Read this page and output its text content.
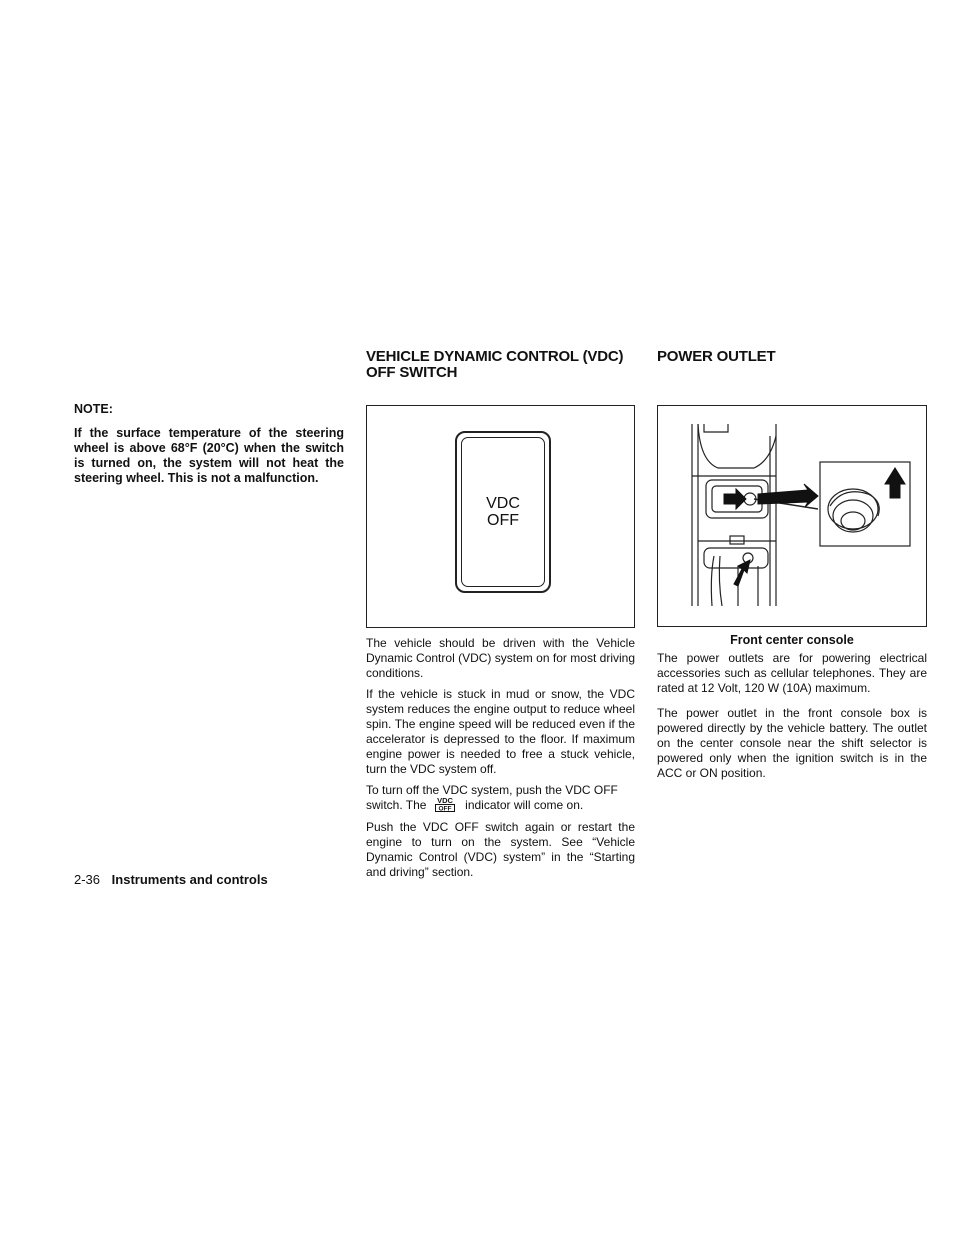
NOTE:

If the surface temperature of the steering wheel is above 68°F (20°C) when the switch is turned on, the system will not heat the steering wheel. This is not a malfunction.

VEHICLE DYNAMIC CONTROL (VDC)
OFF SWITCH
VDC
OFF

The vehicle should be driven with the Vehicle Dynamic Control (VDC) system on for most driving conditions.

If the vehicle is stuck in mud or snow, the VDC system reduces the engine output to reduce wheel spin. The engine speed will be reduced even if the accelerator is depressed to the floor. If maximum engine power is needed to free a stuck vehicle, turn the VDC system off.

To turn off the VDC system, push the VDC OFF
switch. The VDC
OFF indicator will come on.

Push the VDC OFF switch again or restart the engine to turn on the system. See “Vehicle Dynamic Control (VDC) system” in the “Starting and driving” section.

POWER OUTLET

Front center console

The power outlets are for powering electrical accessories such as cellular telephones. They are rated at 12 Volt, 120 W (10A) maximum.

The power outlet in the front console box is powered directly by the vehicle battery. The outlet on the center console near the shift selector is powered only when the ignition switch is in the ACC or ON position.

2-36 Instruments and controls
